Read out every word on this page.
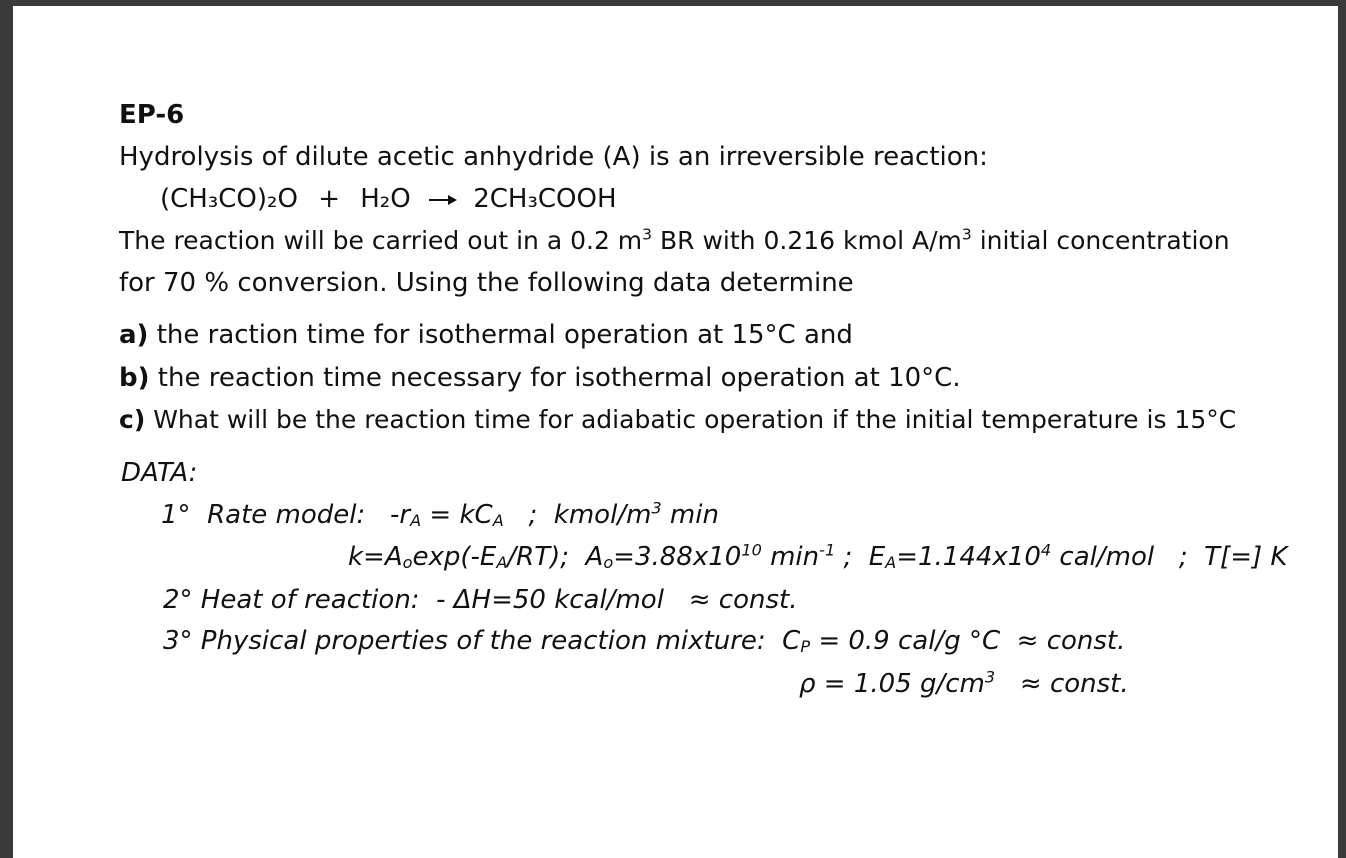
EP-6
Hydrolysis of dilute acetic anhydride (A) is an irreversible reaction:
(CH₃CO)₂O + H₂O → 2CH₃COOH
The reaction will be carried out in a 0.2 $m^3$ BR with 0.216 kmol $A/m^3$ initial concentration
for 70 % conversion. Using the following data determine
a) the raction time for isothermal operation at 15°C and
b) the reaction time necessary for isothermal operation at 10°C.
c) What will be the reaction time for adiabatic operation if the initial temperature is 15°C
DATA:
1°  Rate model:   $-r_A = kC_A$   ;  kmol/$m^3$ min
$k=A_o\exp(-E_A/RT)$;  $A_o=3.88x10^{10}$ $\min^{-1}$ ;  $E_A=1.144x10^4$ cal/mol   ;  T[=] K
2° Heat of reaction:  - ΔH=50 kcal/mol   ≈ const.
3° Physical properties of the reaction mixture:  $C_P = 0.9$ cal/g °C  ≈ const.
ρ = 1.05 $g/cm^3$   ≈ const.
